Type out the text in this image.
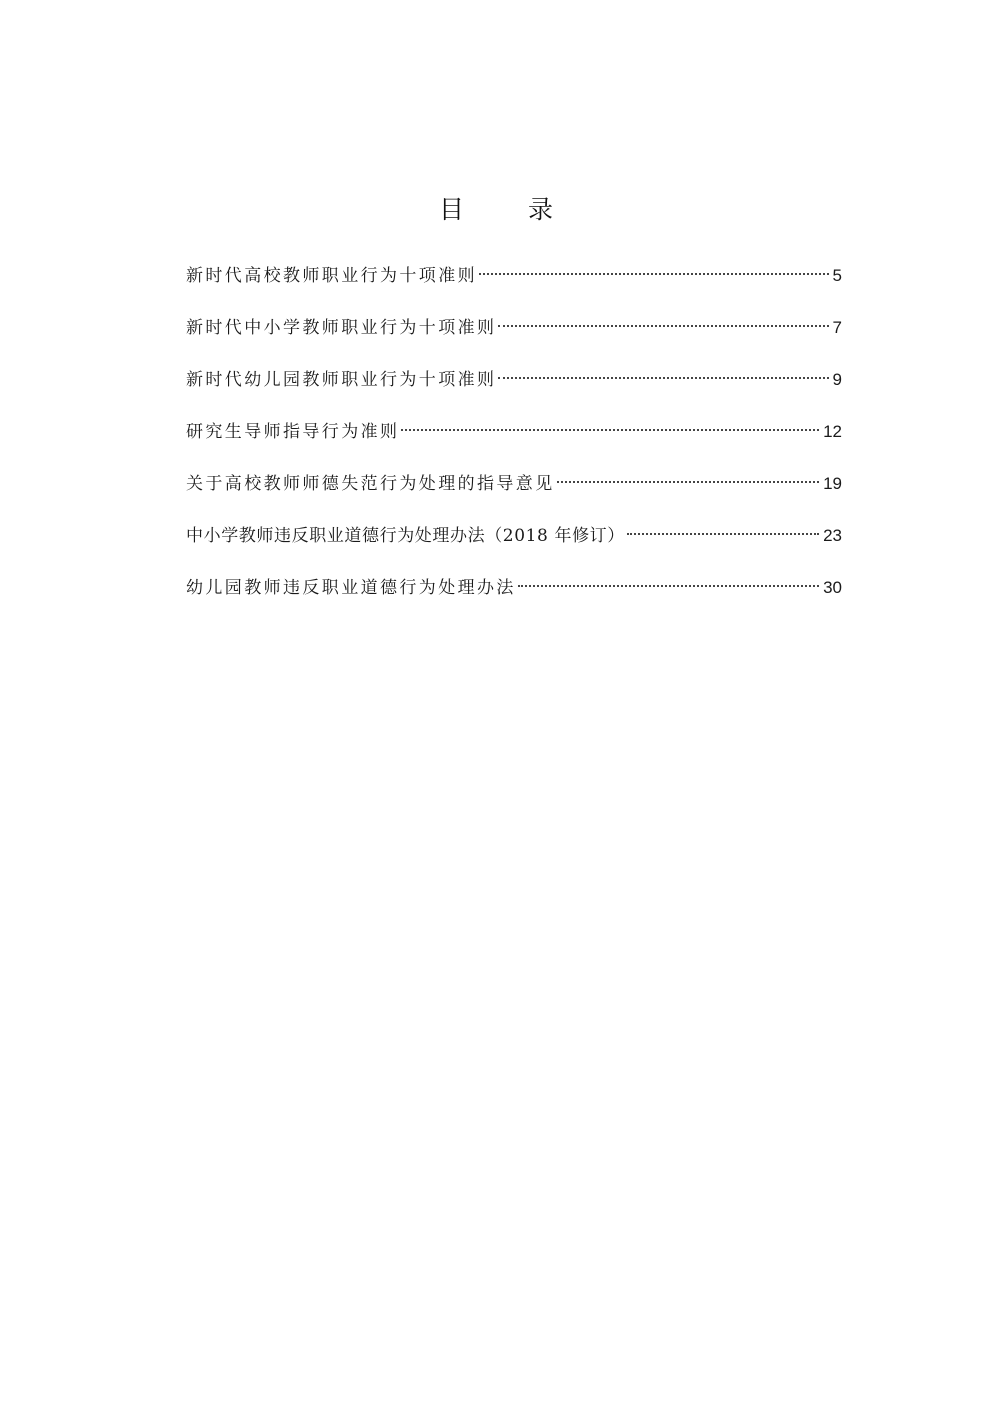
目 录
新时代高校教师职业行为十项准则	5
新时代中小学教师职业行为十项准则	7
新时代幼儿园教师职业行为十项准则	9
研究生导师指导行为准则	12
关于高校教师师德失范行为处理的指导意见	19
中小学教师违反职业道德行为处理办法（2018 年修订）	23
幼儿园教师违反职业道德行为处理办法	30
